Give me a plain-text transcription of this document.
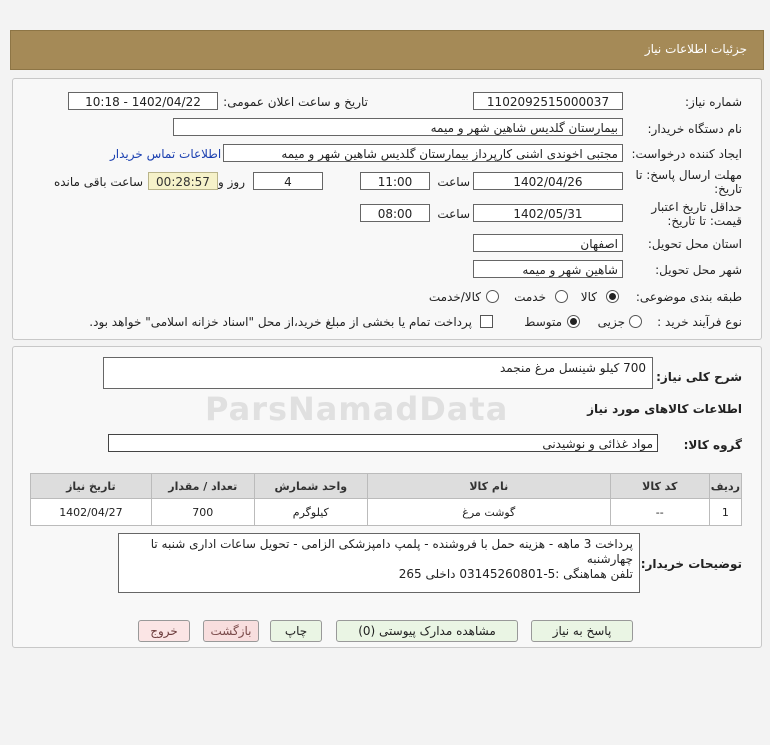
جزئیات اطلاعات نیاز
ParsNamadData
شماره نیاز:
1102092515000037
تاریخ و ساعت اعلان عمومی:
1402/04/22 - 10:18
نام دستگاه خریدار:
بیمارستان گلدیس شاهین شهر و میمه
ایجاد کننده درخواست:
مجتبی اخوندی اشنی کارپرداز بیمارستان گلدیس شاهین شهر و میمه
اطلاعات تماس خریدار
مهلت ارسال پاسخ: تا
تاریخ:
1402/04/26
ساعت
11:00
4
روز و
00:28:57
ساعت باقی مانده
حداقل تاریخ اعتبار
قیمت: تا تاریخ:
1402/05/31
ساعت
08:00
استان محل تحویل:
اصفهان
شهر محل تحویل:
شاهین شهر و میمه
طبقه بندی موضوعی:
کالا
خدمت
کالا/خدمت
نوع فرآیند خرید :
جزیی
متوسط
پرداخت تمام یا بخشی از مبلغ خرید،از محل "اسناد خزانه اسلامی" خواهد بود.
شرح کلی نیاز:
700 کیلو شینسل مرغ منجمد
اطلاعات کالاهای مورد نیاز
گروه کالا:
مواد غذائی و نوشیدنی
ردیف	کد کالا	نام کالا	واحد شمارش	تعداد / مقدار	تاریخ نیاز
1	--	گوشت مرغ	کیلوگرم	700	1402/04/27
توضیحات خریدار:
پرداخت 3 ماهه - هزینه حمل با فروشنده - پلمپ دامپزشکی الزامی - تحویل ساعات اداری شنبه تا
چهارشنبه
تلفن هماهنگی :5-03145260801 داخلی 265
پاسخ به نیاز
مشاهده مدارک پیوستی (0)
چاپ
بازگشت
خروج
